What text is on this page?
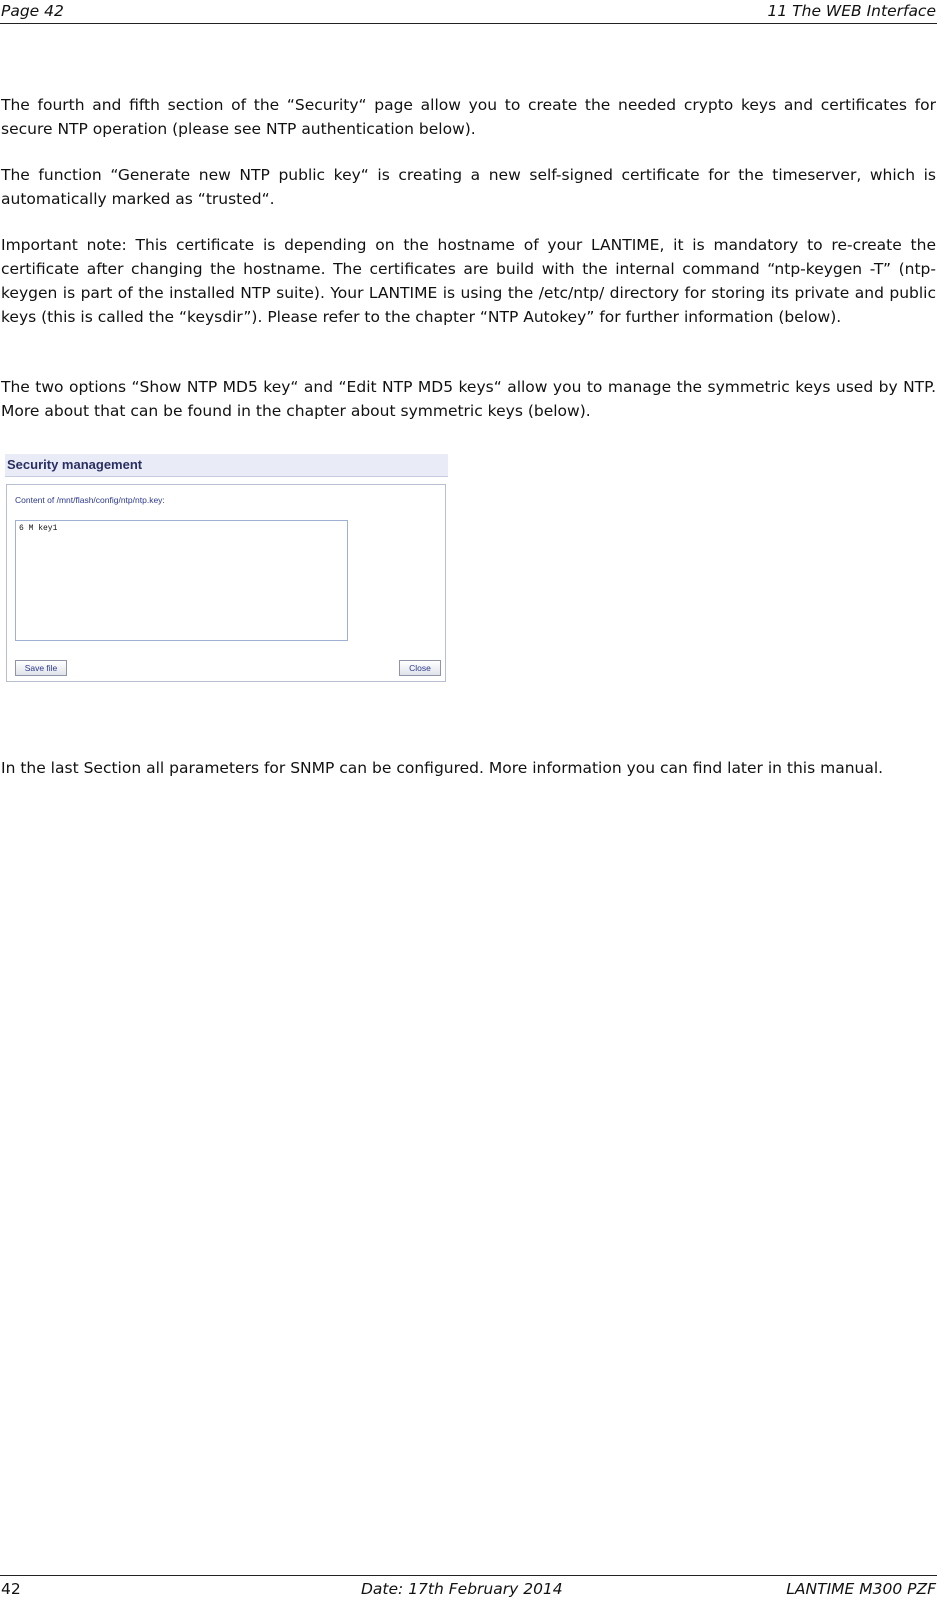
Page 42	11 The WEB Interface

The fourth and fifth section of the “Security“ page allow you to create the needed crypto keys and certificates for secure NTP operation (please see NTP authentication below).

The function “Generate new NTP public key“ is creating a new self-signed certificate for the timeserver, which is automatically marked as “trusted“.

Important note: This certificate is depending on the hostname of your LANTIME, it is mandatory to re-create the certificate after changing the hostname. The certificates are build with the internal command “ntp-keygen -T” (ntp-keygen is part of the installed NTP suite). Your LANTIME is using the /etc/ntp/ directory for storing its private and public keys (this is called the “keysdir”). Please refer to the chapter “NTP Autokey” for further information (below).

The two options “Show NTP MD5 key“ and “Edit NTP MD5 keys“ allow you to manage the symmetric keys used by NTP. More about that can be found in the chapter about symmetric keys (below).

In the last Section all parameters for SNMP can be configured. More information you can find later in this manual.

Security management
Content of /mnt/flash/config/ntp/ntp.key:
6 M key1
Save file	Close
42	Date: 17th February 2014	LANTIME M300 PZF
